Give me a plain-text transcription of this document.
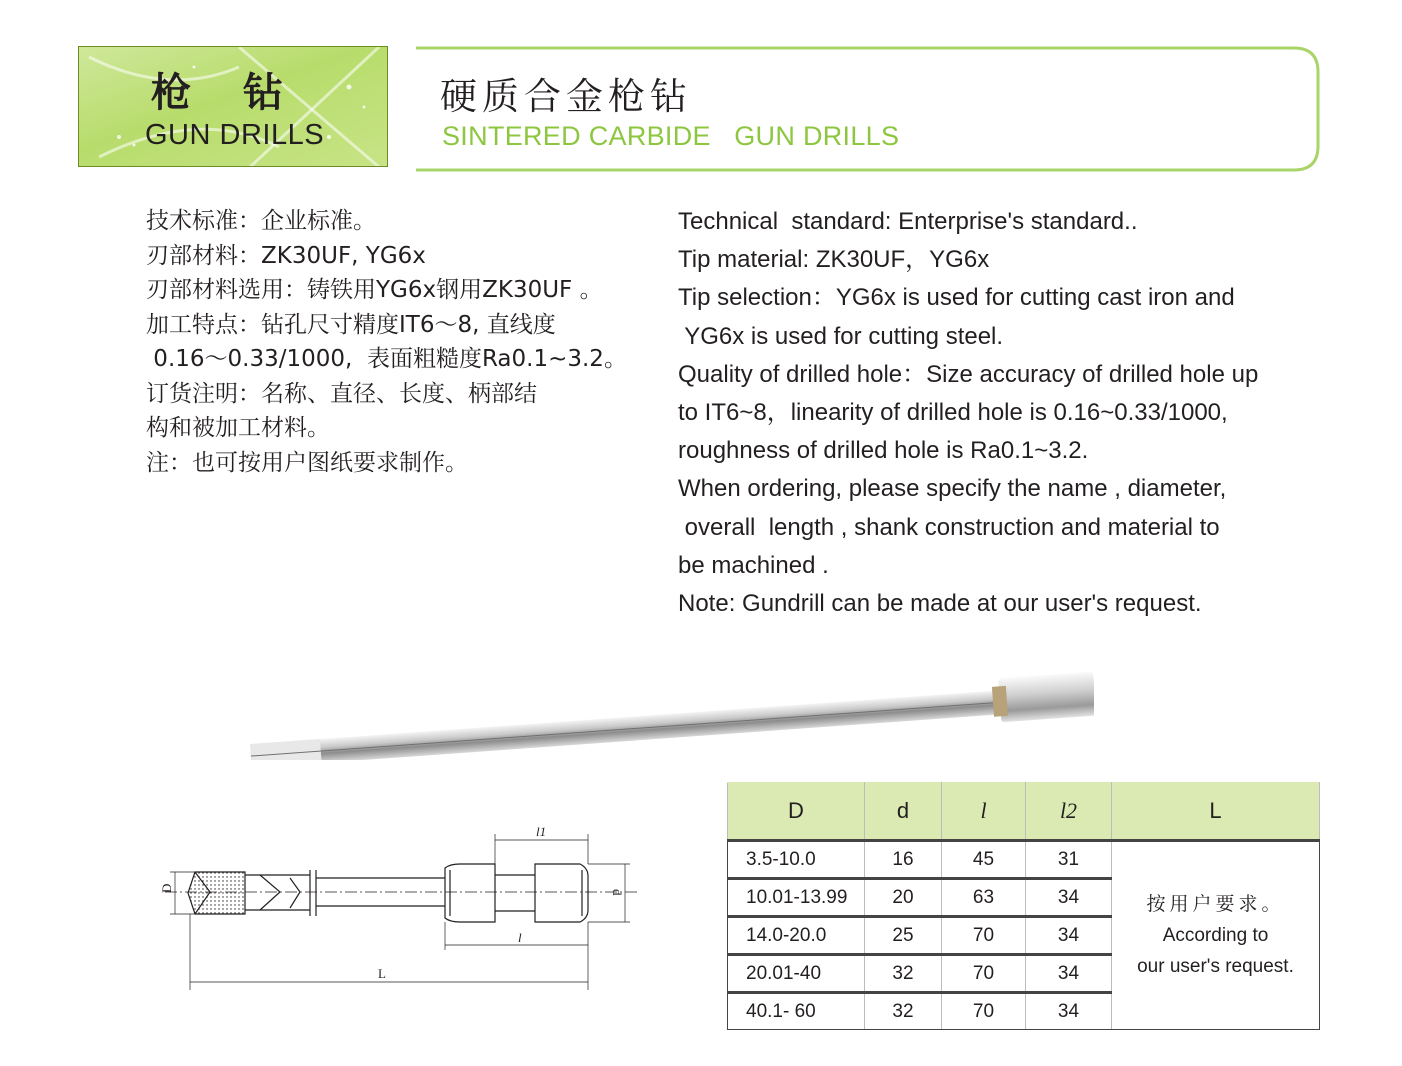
枪钻
GUN DRILLS
硬质合金枪钻
SINTERED CARBIDE   GUN DRILLS
技术标准：企业标准。
刃部材料：ZK30UF, YG6x
刃部材料选用：铸铁用YG6x钢用ZK30UF 。
加工特点：钻孔尺寸精度IT6～8, 直线度
0.16～0.33/1000,  表面粗糙度Ra0.1~3.2。
订货注明：名称、直径、长度、柄部结
构和被加工材料。
注：也可按用户图纸要求制作。
Technical  standard: Enterprise's standard..
Tip material: ZK30UF，YG6x
Tip selection：YG6x is used for cutting cast iron and
YG6x is used for cutting steel.
Quality of drilled hole：Size accuracy of drilled hole up
to IT6~8，linearity of drilled hole is 0.16~0.33/1000,
roughness of drilled hole is Ra0.1~3.2.
When ordering, please specify the name , diameter,
overall  length , shank construction and material to
be machined .
Note: Gundrill can be made at our user's request.
D	d
l1
l
L
D	d	l	l2	L
3.5-10.0	16	45	31	按用户要求。
According to
our user's request.

10.01-13.99	20	63	34	
14.0-20.0	25	70	34	
20.01-40	32	70	34	
40.1- 60	32	70	34	
